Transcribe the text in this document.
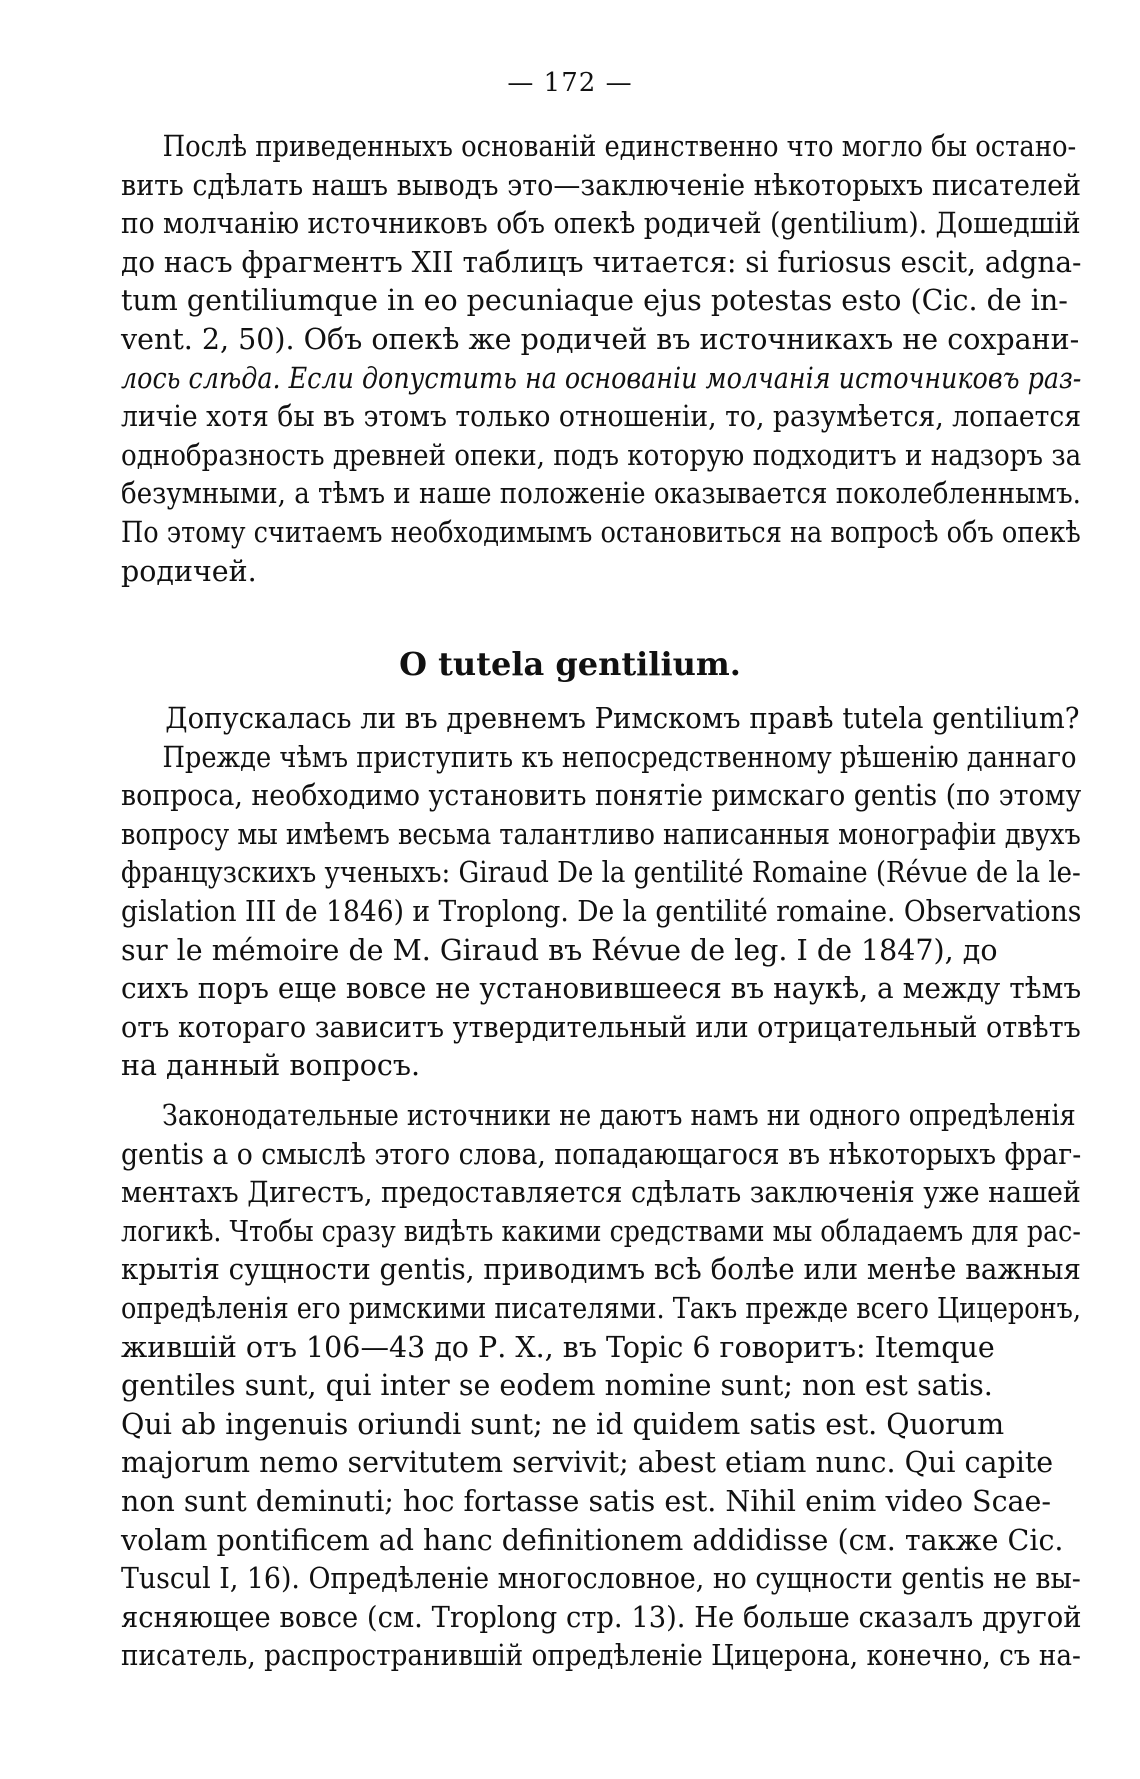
— 172 —
Послѣ приведенныхъ основаній единственно что могло бы остано-
вить сдѣлать нашъ выводъ это—заключеніе нѣкоторыхъ писателей
по молчанію источниковъ объ опекѣ родичей (gentilium). Дошедшій
до насъ фрагментъ XII таблицъ читается: si furiosus escit, adgna-
tum gentiliumque in eo pecuniaque ejus potestas esto (Cic. de in-
vent. 2, 50). Объ опекѣ же родичей въ источникахъ не сохрани-
лось слѣда. Если допустить на основаніи молчанія источниковъ раз-
личіе хотя бы въ этомъ только отношеніи, то, разумѣется, лопается
однобразность древней опеки, подъ которую подходитъ и надзоръ за
безумными, а тѣмъ и наше положеніе оказывается поколебленнымъ.
По этому считаемъ необходимымъ остановиться на вопросѣ объ опекѣ
родичей.
О tutela gentilium.
Допускалась ли въ древнемъ Римскомъ правѣ tutela gentilium?
Прежде чѣмъ приступить къ непосредственному рѣшенію даннаго
вопроса, необходимо установить понятіе римскаго gentis (по этому
вопросу мы имѣемъ весьма талантливо написанныя монографіи двухъ
французскихъ ученыхъ: Giraud De la gentilité Romaine (Révue de la le-
gislation III de 1846) и Troplong. De la gentilité romaine. Observations
sur le mémoire de M. Giraud въ Révue de leg. I de 1847), до
сихъ поръ еще вовсе не установившееся въ наукѣ, а между тѣмъ
отъ котораго зависитъ утвердительный или отрицательный отвѣтъ
на данный вопросъ.
Законодательные источники не даютъ намъ ни одного опредѣленія
gentis а о смыслѣ этого слова, попадающагося въ нѣкоторыхъ фраг-
ментахъ Дигестъ, предоставляется сдѣлать заключенія уже нашей
логикѣ. Чтобы сразу видѣть какими средствами мы обладаемъ для рас-
крытія сущности gentis, приводимъ всѣ болѣе или менѣе важныя
опредѣленія его римскими писателями. Такъ прежде всего Цицеронъ,
жившій отъ 106—43 до Р. Х., въ Topic 6 говоритъ: Itemque
gentiles sunt, qui inter se eodem nomine sunt; non est satis.
Qui ab ingenuis oriundi sunt; ne id quidem satis est. Quorum
majorum nemo servitutem servivit; abest etiam nunc. Qui capite
non sunt deminuti; hoc fortasse satis est. Nihil enim video Scae-
volam pontificem ad hanc definitionem addidisse (см. также Cic.
Tuscul I, 16). Опредѣленіе многословное, но сущности gentis не вы-
ясняющее вовсе (см. Troplong стр. 13). Не больше сказалъ другой
писатель, распространившій опредѣленіе Цицерона, конечно, съ на-
